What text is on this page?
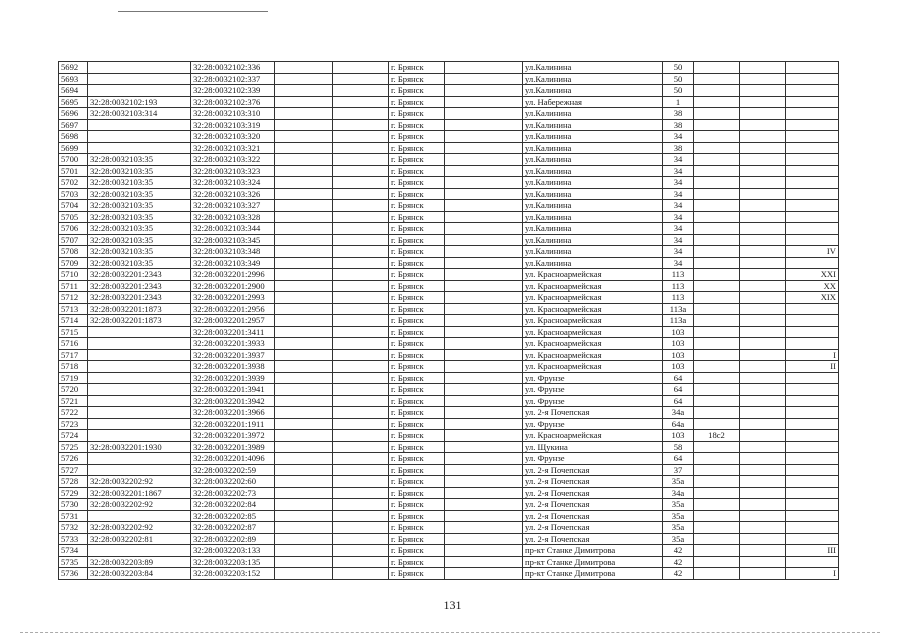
5692		32:28:0032102:336			г. Брянск		ул.Калинина	50			
5693		32:28:0032102:337			г. Брянск		ул.Калинина	50			
5694		32:28:0032102:339			г. Брянск		ул.Калинина	50			
5695	32:28:0032102:193	32:28:0032102:376			г. Брянск		ул. Набережная	1			
5696	32:28:0032103:314	32:28:0032103:310			г. Брянск		ул.Калинина	38			
5697		32:28:0032103:319			г. Брянск		ул.Калинина	38			
5698		32:28:0032103:320			г. Брянск		ул.Калинина	34			
5699		32:28:0032103:321			г. Брянск		ул.Калинина	38			
5700	32:28:0032103:35	32:28:0032103:322			г. Брянск		ул.Калинина	34			
5701	32:28:0032103:35	32:28:0032103:323			г. Брянск		ул.Калинина	34			
5702	32:28:0032103:35	32:28:0032103:324			г. Брянск		ул.Калинина	34			
5703	32:28:0032103:35	32:28:0032103:326			г. Брянск		ул.Калинина	34			
5704	32:28:0032103:35	32:28:0032103:327			г. Брянск		ул.Калинина	34			
5705	32:28:0032103:35	32:28:0032103:328			г. Брянск		ул.Калинина	34			
5706	32:28:0032103:35	32:28:0032103:344			г. Брянск		ул.Калинина	34			
5707	32:28:0032103:35	32:28:0032103:345			г. Брянск		ул.Калинина	34			
5708	32:28:0032103:35	32:28:0032103:348			г. Брянск		ул.Калинина	34			IV
5709	32:28:0032103:35	32:28:0032103:349			г. Брянск		ул.Калинина	34			
5710	32:28:0032201:2343	32:28:0032201:2996			г. Брянск		ул. Красноармейская	113			XXI
5711	32:28:0032201:2343	32:28:0032201:2900			г. Брянск		ул. Красноармейская	113			XX
5712	32:28:0032201:2343	32:28:0032201:2993			г. Брянск		ул. Красноармейская	113			XIX
5713	32:28:0032201:1873	32:28:0032201:2956			г. Брянск		ул. Красноармейская	113а			
5714	32:28:0032201:1873	32:28:0032201:2957			г. Брянск		ул. Красноармейская	113а			
5715		32:28:0032201:3411			г. Брянск		ул. Красноармейская	103			
5716		32:28:0032201:3933			г. Брянск		ул. Красноармейская	103			
5717		32:28:0032201:3937			г. Брянск		ул. Красноармейская	103			I
5718		32:28:0032201:3938			г. Брянск		ул. Красноармейская	103			II
5719		32:28:0032201:3939			г. Брянск		ул. Фрунзе	64			
5720		32:28:0032201:3941			г. Брянск		ул. Фрунзе	64			
5721		32:28:0032201:3942			г. Брянск		ул. Фрунзе	64			
5722		32:28:0032201:3966			г. Брянск		ул. 2-я Почепская	34а			
5723		32:28:0032201:1911			г. Брянск		ул. Фрунзе	64а			
5724		32:28:0032201:3972			г. Брянск		ул. Красноармейская	103	18с2		
5725	32:28:0032201:1930	32:28:0032201:3989			г. Брянск		ул. Щукина	58			
5726		32:28:0032201:4096			г. Брянск		ул. Фрунзе	64			
5727		32:28:0032202:59			г. Брянск		ул. 2-я Почепская	37			
5728	32:28:0032202:92	32:28:0032202:60			г. Брянск		ул. 2-я Почепская	35а			
5729	32:28:0032201:1867	32:28:0032202:73			г. Брянск		ул. 2-я Почепская	34а			
5730	32:28:0032202:92	32:28:0032202:84			г. Брянск		ул. 2-я Почепская	35а			
5731		32:28:0032202:85			г. Брянск		ул. 2-я Почепская	35а			
5732	32:28:0032202:92	32:28:0032202:87			г. Брянск		ул. 2-я Почепская	35а			
5733	32:28:0032202:81	32:28:0032202:89			г. Брянск		ул. 2-я Почепская	35а			
5734		32:28:0032203:133			г. Брянск		пр-кт Станке Димитрова	42			III
5735	32:28:0032203:89	32:28:0032203:135			г. Брянск		пр-кт Станке Димитрова	42			
5736	32:28:0032203:84	32:28:0032203:152			г. Брянск		пр-кт Станке Димитрова	42			I
131
